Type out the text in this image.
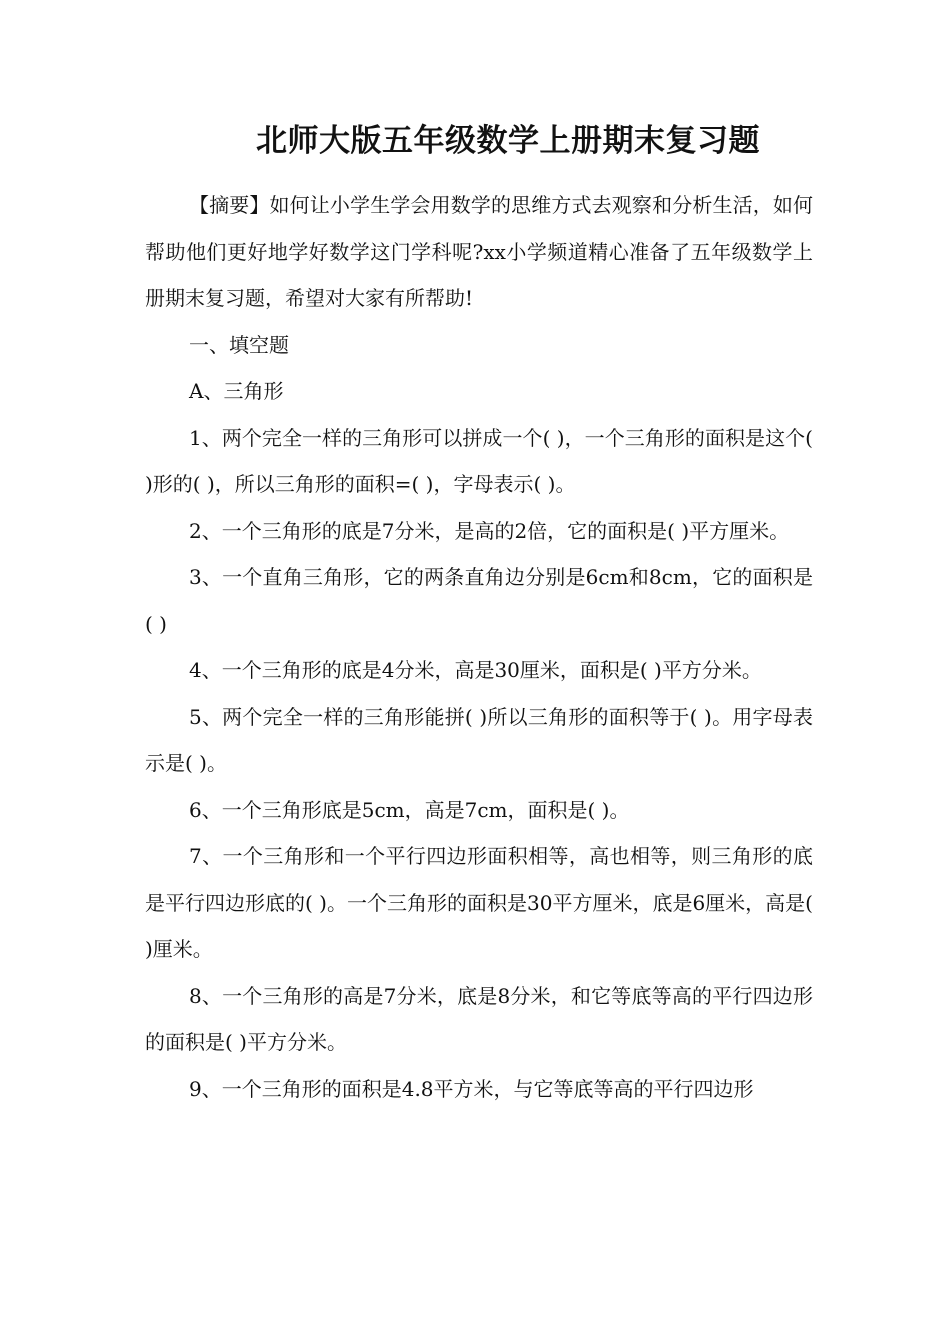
北师大版五年级数学上册期末复习题

【摘要】如何让小学生学会用数学的思维方式去观察和分析生活，如何帮助他们更好地学好数学这门学科呢?xx小学频道精心准备了五年级数学上册期末复习题，希望对大家有所帮助!

一、填空题

A、三角形

1、两个完全一样的三角形可以拼成一个( )，一个三角形的面积是这个( )形的( )，所以三角形的面积=( )，字母表示( )。

2、一个三角形的底是7分米，是高的2倍，它的面积是( )平方厘米。

3、一个直角三角形，它的两条直角边分别是6cm和8cm，它的面积是( )

4、一个三角形的底是4分米，高是30厘米，面积是( )平方分米。

5、两个完全一样的三角形能拼( )所以三角形的面积等于( )。用字母表示是( )。

6、一个三角形底是5cm，高是7cm，面积是( )。

7、一个三角形和一个平行四边形面积相等，高也相等，则三角形的底是平行四边形底的( )。一个三角形的面积是30平方厘米，底是6厘米，高是( )厘米。

8、一个三角形的高是7分米，底是8分米，和它等底等高的平行四边形的面积是( )平方分米。

9、一个三角形的面积是4.8平方米，与它等底等高的平行四边形
